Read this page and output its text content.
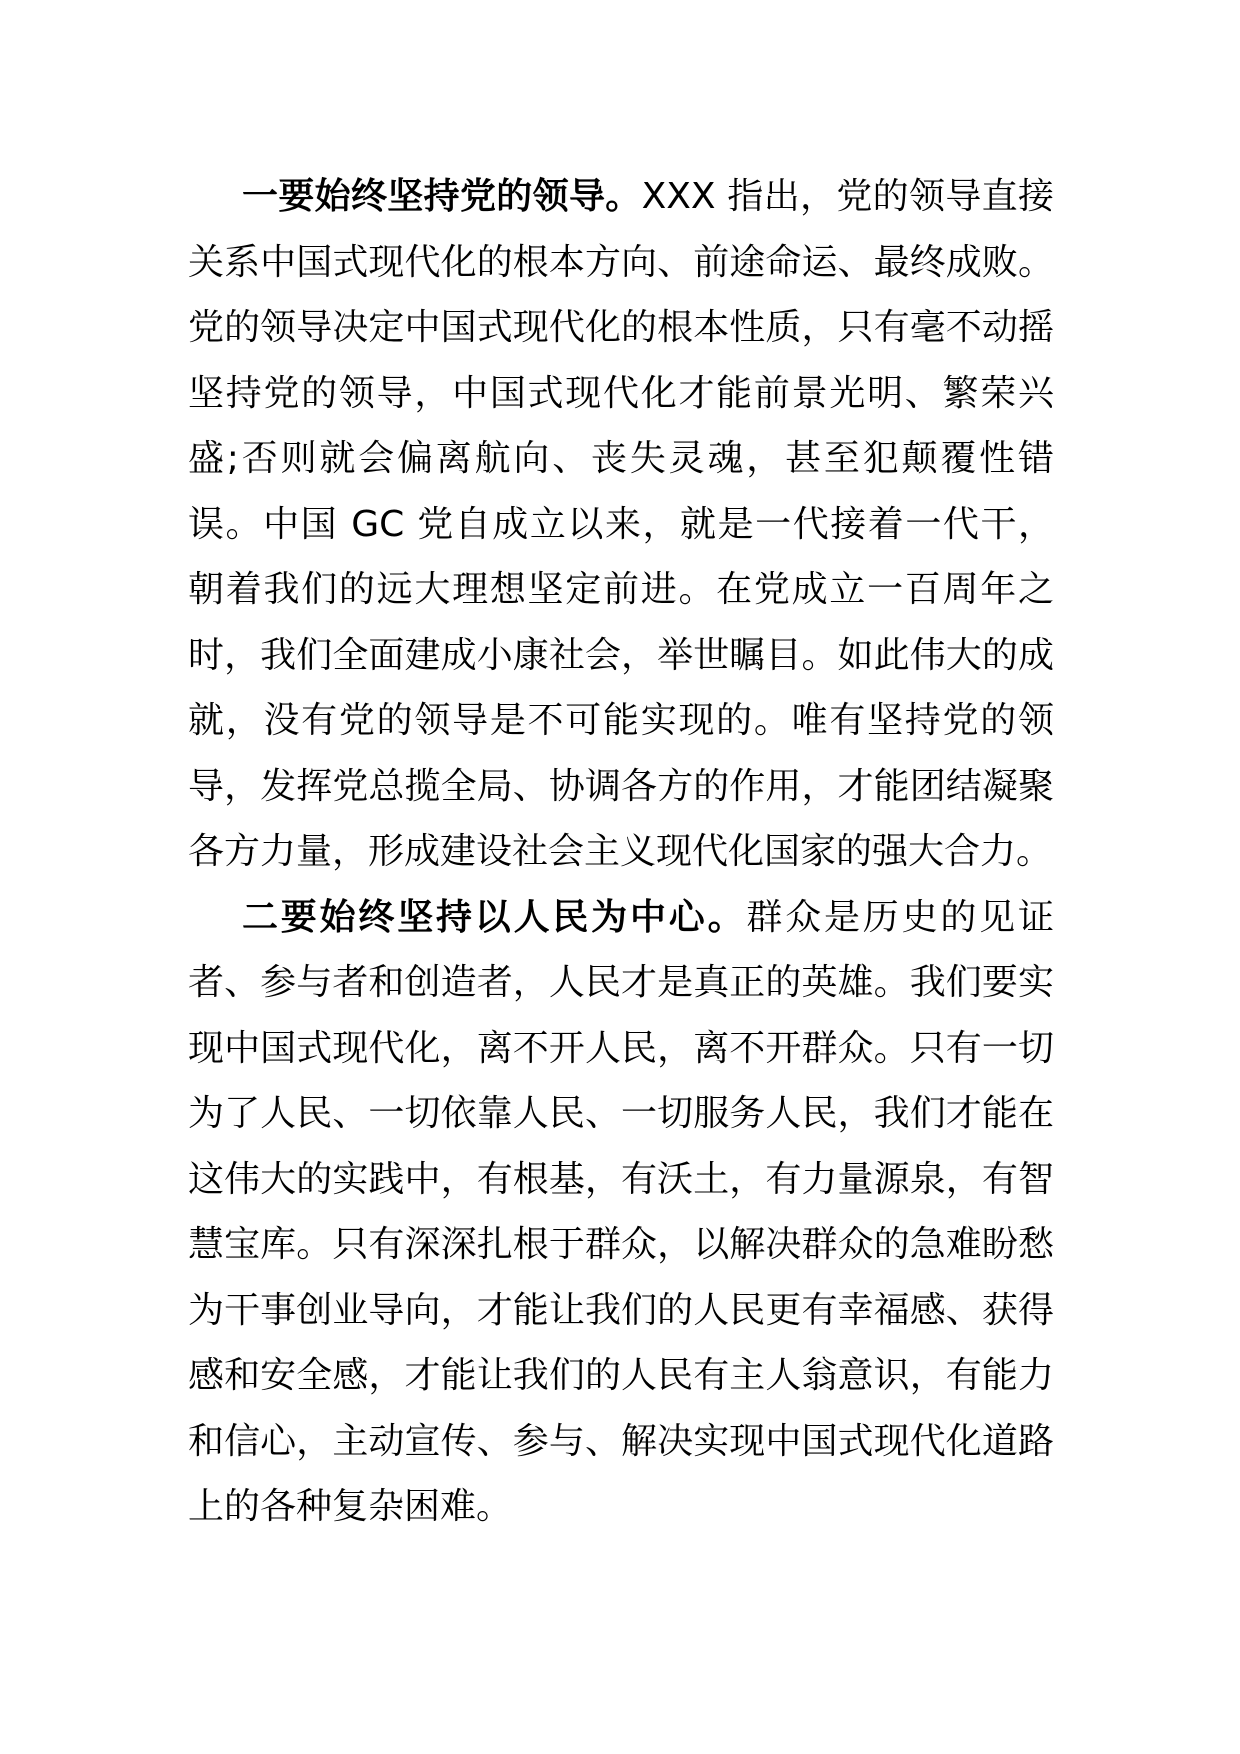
一要始终坚持党的领导。XXX 指出，党的领导直接关系中国式现代化的根本方向、前途命运、最终成败。党的领导决定中国式现代化的根本性质，只有毫不动摇坚持党的领导，中国式现代化才能前景光明、繁荣兴盛;否则就会偏离航向、丧失灵魂，甚至犯颠覆性错误。中国 GC 党自成立以来，就是一代接着一代干，朝着我们的远大理想坚定前进。在党成立一百周年之时，我们全面建成小康社会，举世瞩目。如此伟大的成就，没有党的领导是不可能实现的。唯有坚持党的领导，发挥党总揽全局、协调各方的作用，才能团结凝聚各方力量，形成建设社会主义现代化国家的强大合力。

二要始终坚持以人民为中心。群众是历史的见证者、参与者和创造者，人民才是真正的英雄。我们要实现中国式现代化，离不开人民，离不开群众。只有一切为了人民、一切依靠人民、一切服务人民，我们才能在这伟大的实践中，有根基，有沃土，有力量源泉，有智慧宝库。只有深深扎根于群众，以解决群众的急难盼愁为干事创业导向，才能让我们的人民更有幸福感、获得感和安全感，才能让我们的人民有主人翁意识，有能力和信心，主动宣传、参与、解决实现中国式现代化道路上的各种复杂困难。
